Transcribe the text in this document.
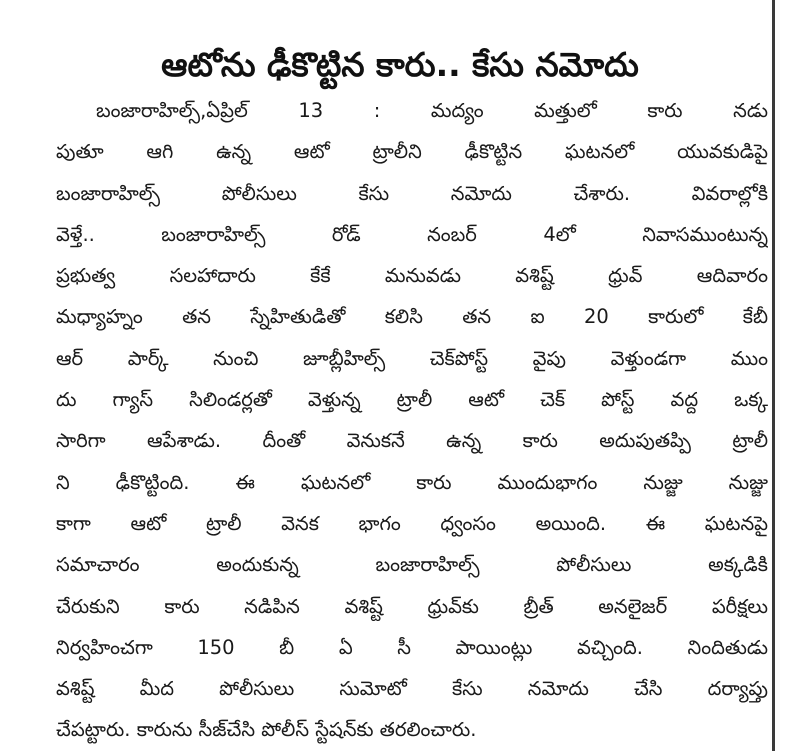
ఆటోను ఢీకొట్టిన కారు.. కేసు నమోదు
బంజారాహిల్స్,ఏప్రిల్ 13 : మద్యం మత్తులో కారు నడు
పుతూ ఆగి ఉన్న ఆటో ట్రాలీని ఢీకొట్టిన ఘటనలో యువకుడిపై
బంజారాహిల్స్ పోలీసులు కేసు నమోదు చేశారు. వివరాల్లోకి
వెళ్తే.. బంజారాహిల్స్ రోడ్ నంబర్ 4లో నివాసముంటున్న
ప్రభుత్వ సలహాదారు కేకే మనువడు వశిష్ట్ ధ్రువ్ ఆదివారం
మధ్యాహ్నం తన స్నేహితుడితో కలిసి తన ఐ 20 కారులో కేబీ
ఆర్ పార్క్ నుంచి జూబ్లీహిల్స్ చెక్‌పోస్ట్ వైపు వెళ్తుండగా ముం
దు గ్యాస్ సిలిండర్లతో వెళ్తున్న ట్రాలీ ఆటో చెక్ పోస్ట్ వద్ద ఒక్క
సారిగా ఆపేశాడు. దీంతో వెనుకనే ఉన్న కారు అదుపుతప్పి ట్రాలీ
ని ఢీకొట్టింది. ఈ ఘటనలో కారు ముందుభాగం నుజ్జు నుజ్జు
కాగా ఆటో ట్రాలీ వెనక భాగం ధ్వంసం అయింది. ఈ ఘటనపై
సమాచారం అందుకున్న బంజారాహిల్స్ పోలీసులు అక్కడికి
చేరుకుని కారు నడిపిన వశిష్ట్ ధ్రువ్‌కు బ్రీత్ అనలైజర్ పరీక్షలు
నిర్వహించగా 150 బీ ఏ సీ పాయింట్లు వచ్చింది. నిందితుడు
వశిష్ట్ మీద పోలీసులు సుమోటో కేసు నమోదు చేసి దర్యాప్తు
చేపట్టారు. కారును సీజ్‌చేసి పోలీస్ స్టేషన్‌కు తరలించారు.
